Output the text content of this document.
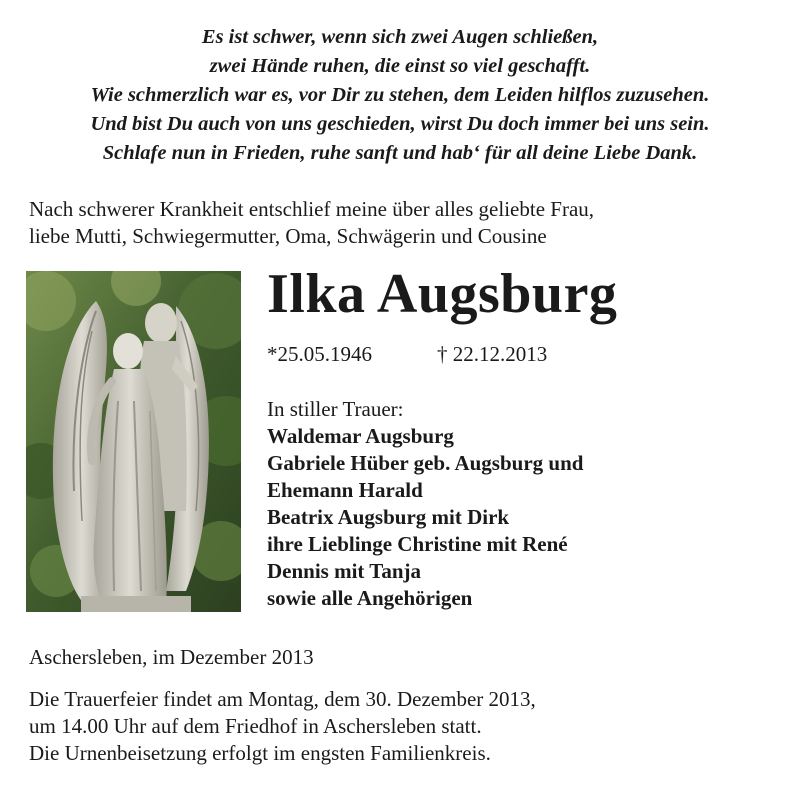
Es ist schwer, wenn sich zwei Augen schließen,
zwei Hände ruhen, die einst so viel geschafft.
Wie schmerzlich war es, vor Dir zu stehen, dem Leiden hilflos zuzusehen.
Und bist Du auch von uns geschieden, wirst Du doch immer bei uns sein.
Schlafe nun in Frieden, ruhe sanft und hab‘ für all deine Liebe Dank.
Nach schwerer Krankheit entschlief meine über alles geliebte Frau,
liebe Mutti, Schwiegermutter, Oma, Schwägerin und Cousine
Ilka Augsburg
*25.05.1946	† 22.12.2013
In stiller Trauer:
Waldemar Augsburg
Gabriele Hüber geb. Augsburg und
Ehemann Harald
Beatrix Augsburg mit Dirk
ihre Lieblinge Christine mit René
Dennis mit Tanja
sowie alle Angehörigen
Aschersleben, im Dezember 2013
Die Trauerfeier findet am Montag, dem 30. Dezember 2013,
um 14.00 Uhr auf dem Friedhof in Aschersleben statt.
Die Urnenbeisetzung erfolgt im engsten Familienkreis.
